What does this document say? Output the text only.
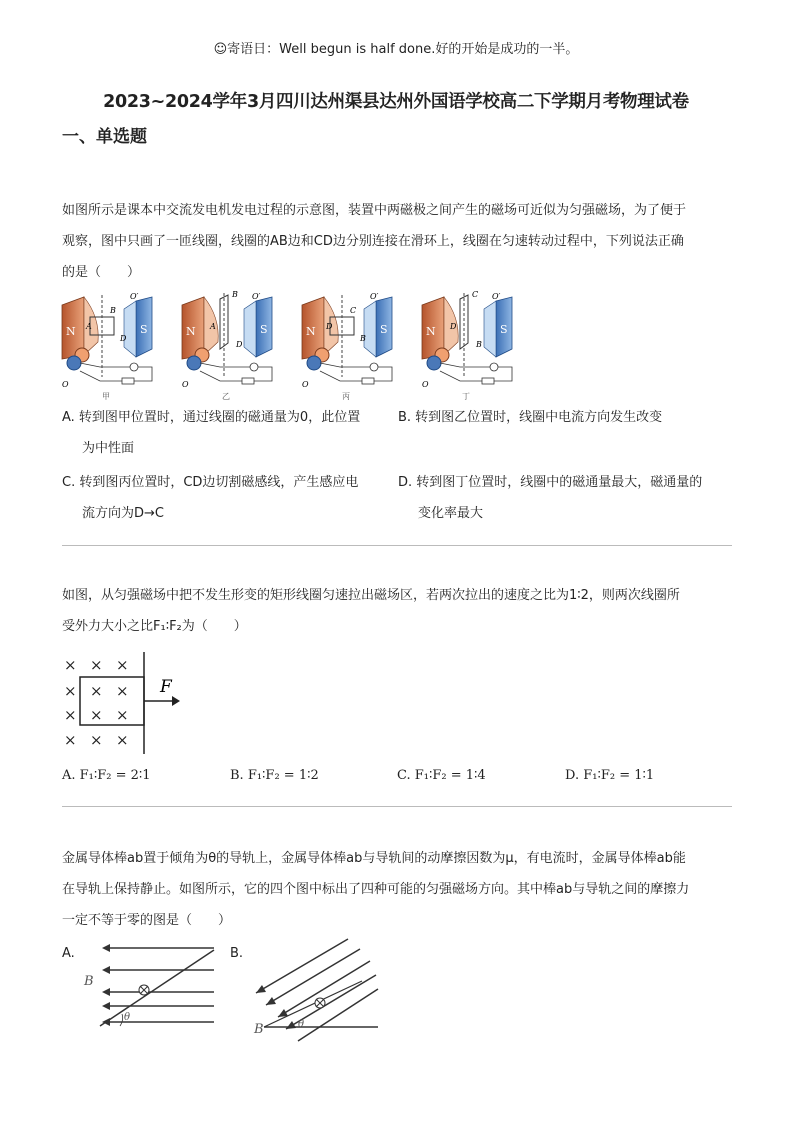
☺寄语日：Well begun is half done.好的开始是成功的一半。
2023~2024学年3月四川达州渠县达州外国语学校高二下学期月考物理试卷
一、单选题
如图所示是课本中交流发电机发电过程的示意图，装置中两磁极之间产生的磁场可近似为匀强磁场，为了便于
观察，图中只画了一匝线圈，线圈的AB边和CD边分别连接在滑环上，线圈在匀速转动过程中，下列说法正确
的是（　　）
N	S
O′
B
A
D
O
甲
N	S
O′
B
A
D
O
乙
N	S
O′
C
D
B
O
丙
N	S
O′
C
D
B
O
丁
A. 转到图甲位置时，通过线圈的磁通量为0，此位置
为中性面
B. 转到图乙位置时，线圈中电流方向发生改变
C. 转到图丙位置时，CD边切割磁感线，产生感应电
流方向为D→C
D. 转到图丁位置时，线圈中的磁通量最大，磁通量的
变化率最大
如图，从匀强磁场中把不发生形变的矩形线圈匀速拉出磁场区，若两次拉出的速度之比为1∶2，则两次线圈所
受外力大小之比F₁∶F₂为（　　）
× × ×
× × ×
× × ×
× × ×
F
A. F₁∶F₂ = 2∶1	B. F₁∶F₂ = 1∶2	C. F₁∶F₂ = 1∶4	D. F₁∶F₂ = 1∶1
金属导体棒ab置于倾角为θ的导轨上，金属导体棒ab与导轨间的动摩擦因数为μ，有电流时，金属导体棒ab能
在导轨上保持静止。如图所示，它的四个图中标出了四种可能的匀强磁场方向。其中棒ab与导轨之间的摩擦力
一定不等于零的图是（　　）
A.	B.
B
θ
B	θ
